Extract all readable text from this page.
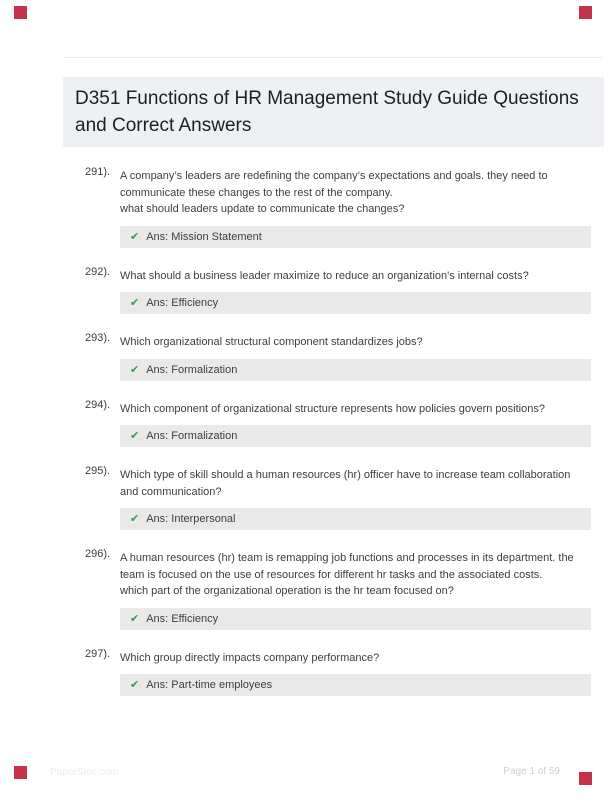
D351 Functions of HR Management Study Guide Questions and Correct Answers
291). A company’s leaders are redefining the company’s expectations and goals. they need to communicate these changes to the rest of the company.
what should leaders update to communicate the changes?
✔ Ans: Mission Statement
292). What should a business leader maximize to reduce an organization's internal costs?
✔ Ans: Efficiency
293). Which organizational structural component standardizes jobs?
✔ Ans: Formalization
294). Which component of organizational structure represents how policies govern positions?
✔ Ans: Formalization
295). Which type of skill should a human resources (hr) officer have to increase team collaboration and communication?
✔ Ans: Interpersonal
296). A human resources (hr) team is remapping job functions and processes in its department. the team is focused on the use of resources for different hr tasks and the associated costs.
which part of the organizational operation is the hr team focused on?
✔ Ans: Efficiency
297). Which group directly impacts company performance?
✔ Ans: Part-time employees
PaperStoc.com	Page 1 of 59
